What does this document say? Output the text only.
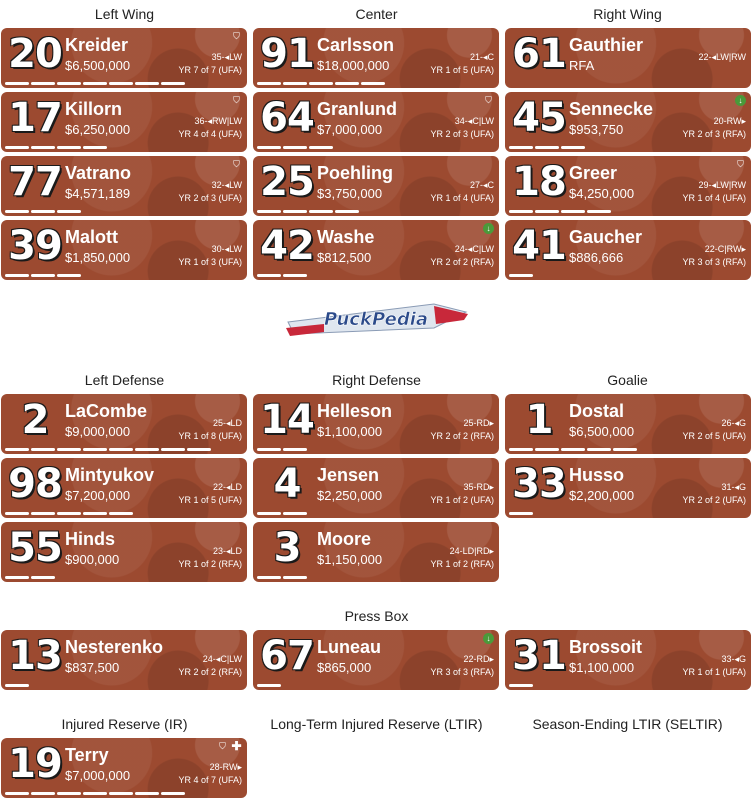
Left Wing	Center	Right Wing
Left Defense	Right Defense	Goalie
Press Box
Injured Reserve (IR)	Long-Term Injured Reserve (LTIR)	Season-Ending LTIR (SELTIR)
PuckPedia
20 Kreider
$6,500,000
35-◂LW
YR 7 of 7 (UFA)
⛉
17 Killorn
$6,250,000
36-◂RW|LW
YR 4 of 4 (UFA)
⛉
77 Vatrano
$4,571,189
32-◂LW
YR 2 of 3 (UFA)
⛉
39 Malott
$1,850,000
30-◂LW
YR 1 of 3 (UFA)
91 Carlsson
$18,000,000
21-◂C
YR 1 of 5 (UFA)
64 Granlund
$7,000,000
34-◂C|LW
YR 2 of 3 (UFA)
⛉
25 Poehling
$3,750,000
27-◂C
YR 1 of 4 (UFA)
42 Washe
$812,500
24-◂C|LW
YR 2 of 2 (RFA)
↓
61 Gauthier
RFA
22-◂LW|RW
45 Sennecke
$953,750
20-RW▸
YR 2 of 3 (RFA)
↓
18 Greer
$4,250,000
29-◂LW|RW
YR 1 of 4 (UFA)
⛉
41 Gaucher
$886,666
22-C|RW▸
YR 3 of 3 (RFA)
2 LaCombe
$9,000,000
25-◂LD
YR 1 of 8 (UFA)
98 Mintyukov
$7,200,000
22-◂LD
YR 1 of 5 (UFA)
55 Hinds
$900,000
23-◂LD
YR 1 of 2 (RFA)
14 Helleson
$1,100,000
25-RD▸
YR 2 of 2 (RFA)
4 Jensen
$2,250,000
35-RD▸
YR 1 of 2 (UFA)
3 Moore
$1,150,000
24-LD|RD▸
YR 1 of 2 (RFA)
1 Dostal
$6,500,000
26-◂G
YR 2 of 5 (UFA)
33 Husso
$2,200,000
31-◂G
YR 2 of 2 (UFA)
13 Nesterenko
$837,500
24-◂C|LW
YR 2 of 2 (RFA) 67 Luneau
$865,000
22-RD▸
YR 3 of 3 (RFA)
↓ 31 Brossoit
$1,100,000
33-◂G
YR 1 of 1 (UFA)
19 Terry
$7,000,000
28-RW▸
YR 4 of 7 (UFA)
⛉ ✚
